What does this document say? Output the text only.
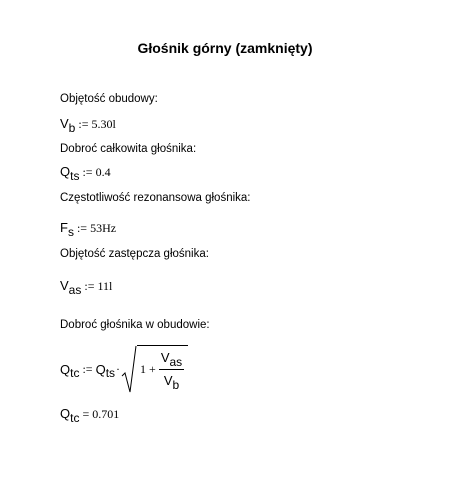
Głośnik górny (zamknięty)
Objętość obudowy:
$V_b$ := 5.30l
Dobroć całkowita głośnika:
$Q_{ts}$ := 0.4
Częstotliwość rezonansowa głośnika:
$F_s$ := 53Hz
Objętość zastępcza głośnika:
$V_{as}$ := 11l
Dobroć głośnika w obudowie:
Q tc := Q ts · 1 +
$V_{as}$
$V_b$
$Q_{tc} = 0.701$
